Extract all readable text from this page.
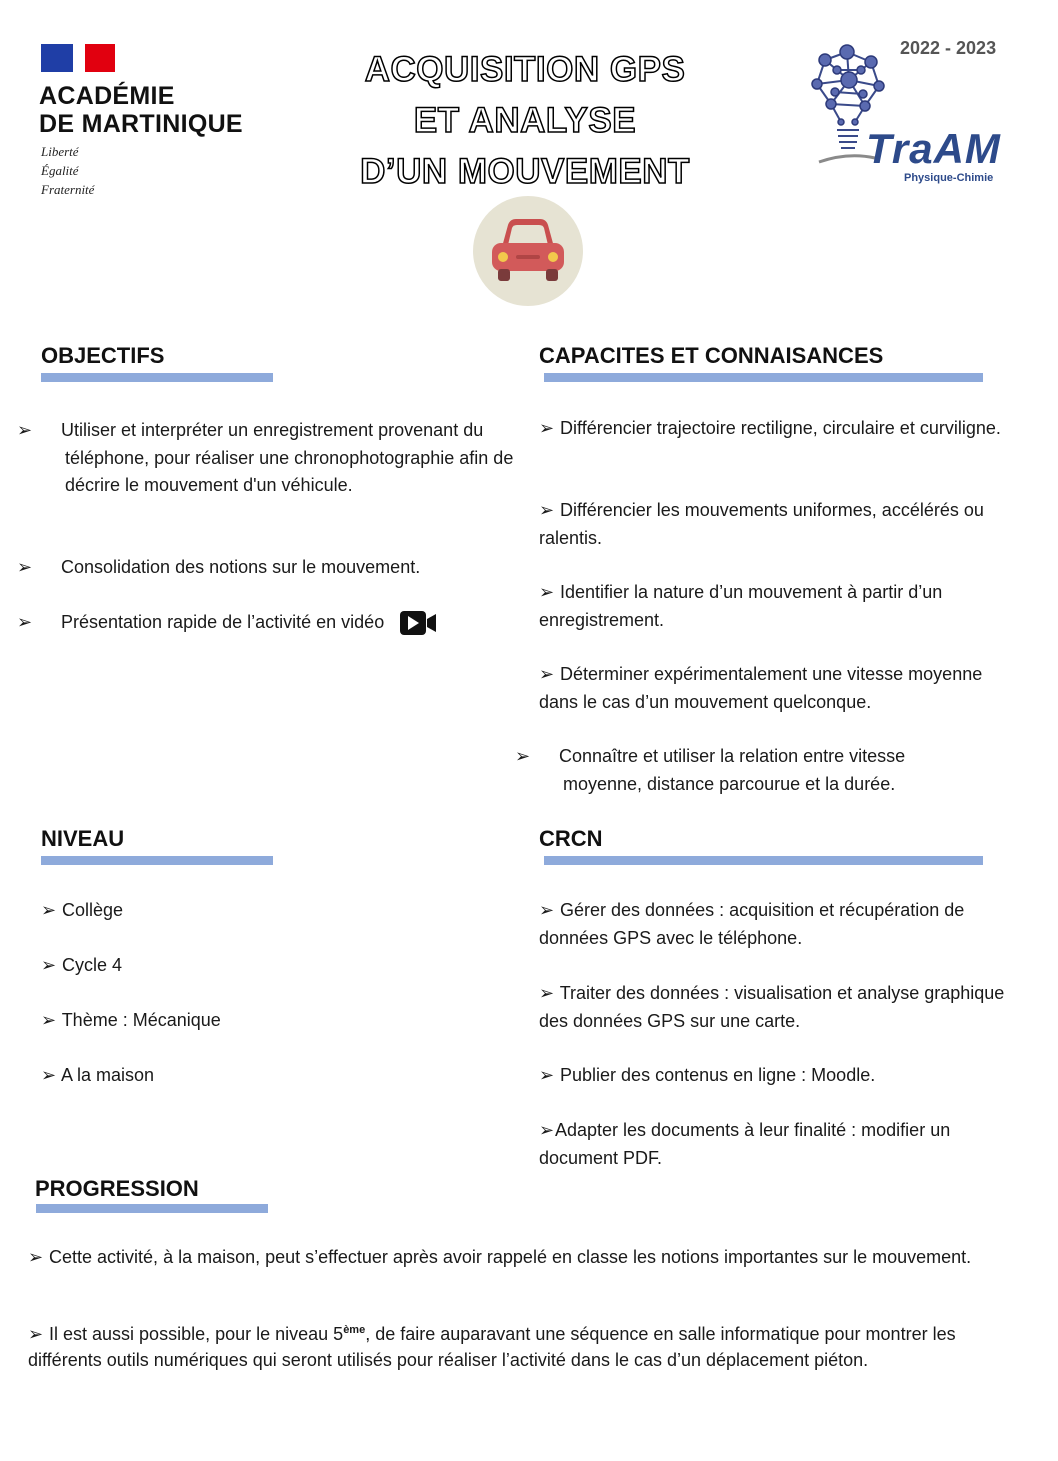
ACADÉMIE
DE MARTINIQUE
Liberté
Égalité
Fraternité
ACQUISITION GPS
ET ANALYSE
D’UN MOUVEMENT
2022 - 2023
TraAM
Physique-Chimie
OBJECTIFS
➢ Utiliser et interpréter un enregistrement provenant du téléphone, pour réaliser une chronophotographie afin de décrire le mouvement d'un véhicule.
➢ Consolidation des notions sur le mouvement.
➢ Présentation rapide de l’activité en vidéo
CAPACITES ET CONNAISANCES
➢ Différencier trajectoire rectiligne, circulaire et curviligne.
➢ Différencier les mouvements uniformes, accélérés ou ralentis.
➢ Identifier la nature d’un mouvement à partir d’un enregistrement.
➢ Déterminer expérimentalement une vitesse moyenne dans le cas d’un mouvement quelconque.
➢ Connaître et utiliser la relation entre vitesse moyenne, distance parcourue et la durée.
NIVEAU
➢ Collège
➢ Cycle 4
➢ Thème : Mécanique
➢ A la maison
CRCN
➢ Gérer des données : acquisition et récupération de données GPS avec le téléphone.
➢ Traiter des données : visualisation et analyse graphique des données GPS sur une carte.
➢ Publier des contenus en ligne : Moodle.
➢Adapter les documents à leur finalité : modifier un document PDF.
PROGRESSION
➢ Cette activité, à la maison, peut s’effectuer après avoir rappelé en classe les notions importantes sur le mouvement.
➢ Il est aussi possible, pour le niveau 5ème, de faire auparavant une séquence en salle informatique pour montrer les différents outils numériques qui seront utilisés pour réaliser l’activité dans le cas d’un déplacement piéton.
